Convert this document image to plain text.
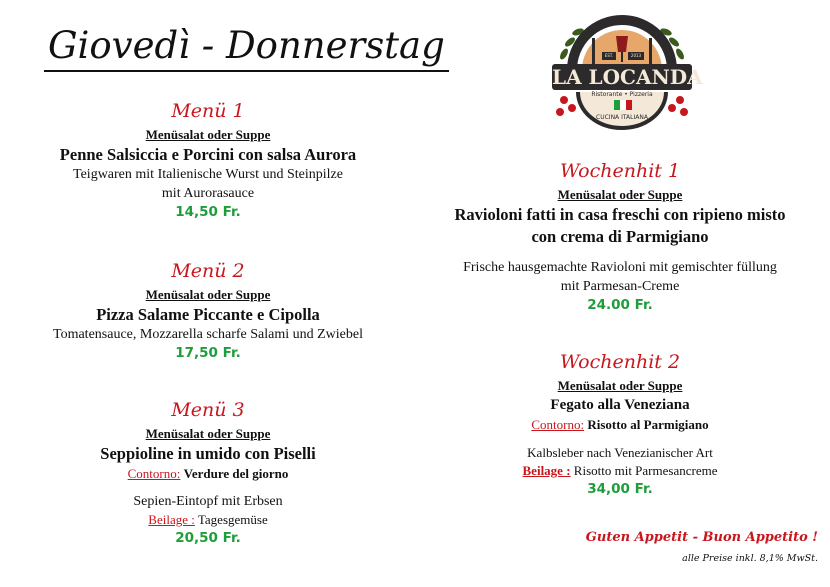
Giovedì - Donnerstag
LA LOCANDA
Ristorante • Pizzeria
CUCINA ITALIANA
EST.	2013
Menü 1
Menüsalat oder Suppe
Penne Salsiccia e Porcini con salsa Aurora
Teigwaren mit Italienische Wurst und Steinpilze
mit Aurorasauce
14,50 Fr.
Menü 2
Menüsalat oder Suppe
Pizza Salame Piccante e Cipolla
Tomatensauce, Mozzarella scharfe Salami und Zwiebel
17,50 Fr.
Menü 3
Menüsalat oder Suppe
Seppioline in umido con Piselli
Contorno: Verdure del giorno
Sepien-Eintopf mit Erbsen
Beilage : Tagesgemüse
20,50 Fr.
Wochenhit 1
Menüsalat oder Suppe
Ravioloni fatti in casa freschi con ripieno misto
con crema di Parmigiano
Frische hausgemachte Ravioloni mit gemischter füllung
mit Parmesan-Creme
24.00 Fr.
Wochenhit 2
Menüsalat oder Suppe
Fegato alla Veneziana
Contorno: Risotto al Parmigiano
Kalbsleber nach Venezianischer Art
Beilage : Risotto mit Parmesancreme
34,00 Fr.
Guten Appetit - Buon Appetito !
alle Preise inkl. 8,1% MwSt.
